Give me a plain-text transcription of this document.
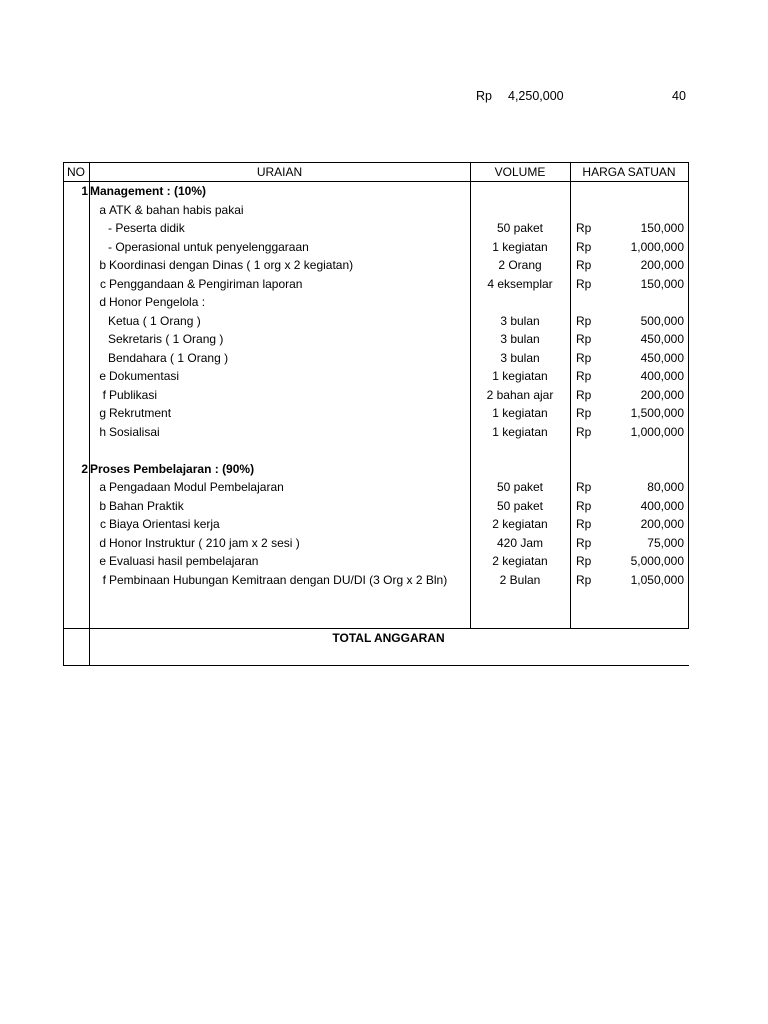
Rp 4,250,000	40
NO	URAIAN	VOLUME	HARGA SATUAN
1 Management : (10%)
a ATK & bahan habis pakai
- Peserta didik	50 paket	Rp	150,000
- Operasional untuk penyelenggaraan	1 kegiatan	Rp	1,000,000
b Koordinasi dengan Dinas ( 1 org x 2 kegiatan)	2 Orang	Rp	200,000
c Penggandaan & Pengiriman laporan	4 eksemplar	Rp	150,000
d Honor Pengelola :
Ketua ( 1 Orang )	3 bulan	Rp	500,000
Sekretaris ( 1 Orang )	3 bulan	Rp	450,000
Bendahara ( 1 Orang )	3 bulan	Rp	450,000
e Dokumentasi	1 kegiatan	Rp	400,000
f Publikasi	2 bahan ajar	Rp	200,000
g Rekrutment	1 kegiatan	Rp	1,500,000
h Sosialisai	1 kegiatan	Rp	1,000,000
2 Proses Pembelajaran : (90%)
a Pengadaan Modul Pembelajaran	50 paket	Rp	80,000
b Bahan Praktik	50 paket	Rp	400,000
c Biaya Orientasi kerja	2 kegiatan	Rp	200,000
d Honor Instruktur ( 210 jam x 2 sesi )	420 Jam	Rp	75,000
e Evaluasi hasil pembelajaran	2 kegiatan	Rp	5,000,000
f Pembinaan Hubungan Kemitraan dengan DU/DI (3 Org x 2 Bln)	2 Bulan	Rp	1,050,000
TOTAL ANGGARAN
